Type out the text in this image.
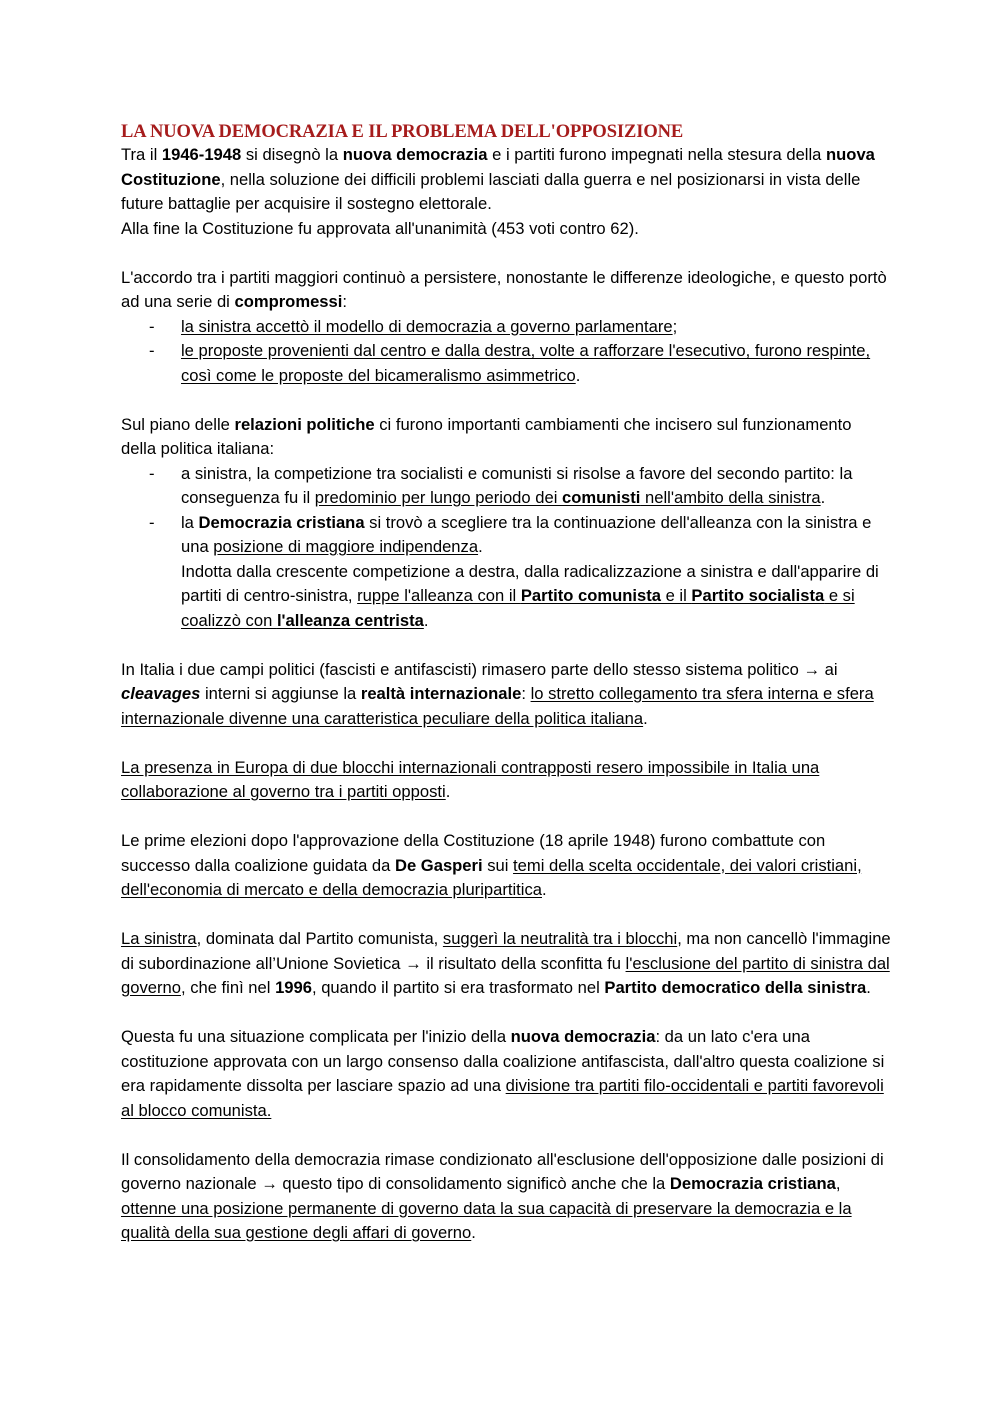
LA NUOVA DEMOCRAZIA E IL PROBLEMA DELL'OPPOSIZIONE

Tra il 1946-1948 si disegnò la nuova democrazia e i partiti furono impegnati nella stesura della nuova Costituzione, nella soluzione dei difficili problemi lasciati dalla guerra e nel posizionarsi in vista delle future battaglie per acquisire il sostegno elettorale.
Alla fine la Costituzione fu approvata all'unanimità (453 voti contro 62).

L'accordo tra i partiti maggiori continuò a persistere, nonostante le differenze ideologiche, e questo portò ad una serie di compromessi:

- la sinistra accettò il modello di democrazia a governo parlamentare;
- le proposte provenienti dal centro e dalla destra, volte a rafforzare l'esecutivo, furono respinte, così come le proposte del bicameralismo asimmetrico.

Sul piano delle relazioni politiche ci furono importanti cambiamenti che incisero sul funzionamento della politica italiana:

- a sinistra, la competizione tra socialisti e comunisti si risolse a favore del secondo partito: la conseguenza fu il predominio per lungo periodo dei comunisti nell'ambito della sinistra.
- la Democrazia cristiana si trovò a scegliere tra la continuazione dell'alleanza con la sinistra e una posizione di maggiore indipendenza.
Indotta dalla crescente competizione a destra, dalla radicalizzazione a sinistra e dall'apparire di partiti di centro-sinistra, ruppe l'alleanza con il Partito comunista e il Partito socialista e si coalizzò con l'alleanza centrista.

In Italia i due campi politici (fascisti e antifascisti) rimasero parte dello stesso sistema politico → ai cleavages interni si aggiunse la realtà internazionale: lo stretto collegamento tra sfera interna e sfera internazionale divenne una caratteristica peculiare della politica italiana.

La presenza in Europa di due blocchi internazionali contrapposti resero impossibile in Italia una collaborazione al governo tra i partiti opposti.

Le prime elezioni dopo l'approvazione della Costituzione (18 aprile 1948) furono combattute con successo dalla coalizione guidata da De Gasperi sui temi della scelta occidentale, dei valori cristiani, dell'economia di mercato e della democrazia pluripartitica.

La sinistra, dominata dal Partito comunista, suggerì la neutralità tra i blocchi, ma non cancellò l'immagine di subordinazione all’Unione Sovietica → il risultato della sconfitta fu l'esclusione del partito di sinistra dal governo, che finì nel 1996, quando il partito si era trasformato nel Partito democratico della sinistra.

Questa fu una situazione complicata per l'inizio della nuova democrazia: da un lato c'era una costituzione approvata con un largo consenso dalla coalizione antifascista, dall'altro questa coalizione si era rapidamente dissolta per lasciare spazio ad una divisione tra partiti filo-occidentali e partiti favorevoli al blocco comunista.

Il consolidamento della democrazia rimase condizionato all'esclusione dell'opposizione dalle posizioni di governo nazionale → questo tipo di consolidamento significò anche che la Democrazia cristiana, ottenne una posizione permanente di governo data la sua capacità di preservare la democrazia e la qualità della sua gestione degli affari di governo.
